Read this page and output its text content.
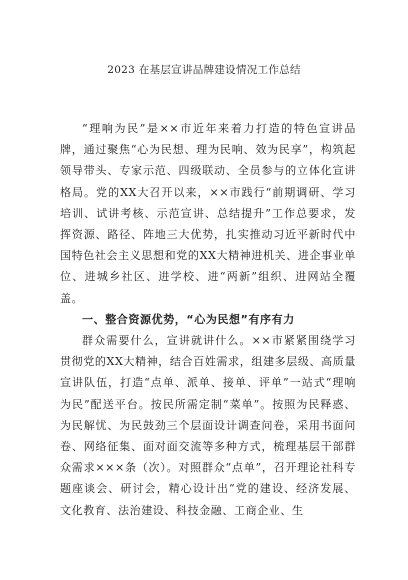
2023 在基层宣讲品牌建设情况工作总结

“理响为民”是××市近年来着力打造的特色宣讲品牌，通过聚焦“心为民想、理为民响、效为民享”，构筑起领导带头、专家示范、四级联动、全员参与的立体化宣讲格局。党的XX大召开以来，××市践行“前期调研、学习培训、试讲考核、示范宣讲、总结提升”工作总要求，发挥资源、路径、阵地三大优势，扎实推动习近平新时代中国特色社会主义思想和党的XX大精神进机关、进企事业单位、进城乡社区、进学校、进“两新”组织、进网站全覆盖。

一、整合资源优势，“心为民想”有序有力

群众需要什么，宣讲就讲什么。××市紧紧围绕学习贯彻党的XX大精神，结合百姓需求，组建多层级、高质量宣讲队伍，打造“点单、派单、接单、评单”一站式“理响为民”配送平台。按民所需定制“菜单”。按照为民释惑、为民解忧、为民鼓劲三个层面设计调查问卷，采用书面问卷、网络征集、面对面交流等多种方式，梳理基层干部群众需求×××条（次）。对照群众“点单”，召开理论社科专题座谈会、研讨会，精心设计出“党的建设、经济发展、文化教育、法治建设、科技金融、工商企业、生
